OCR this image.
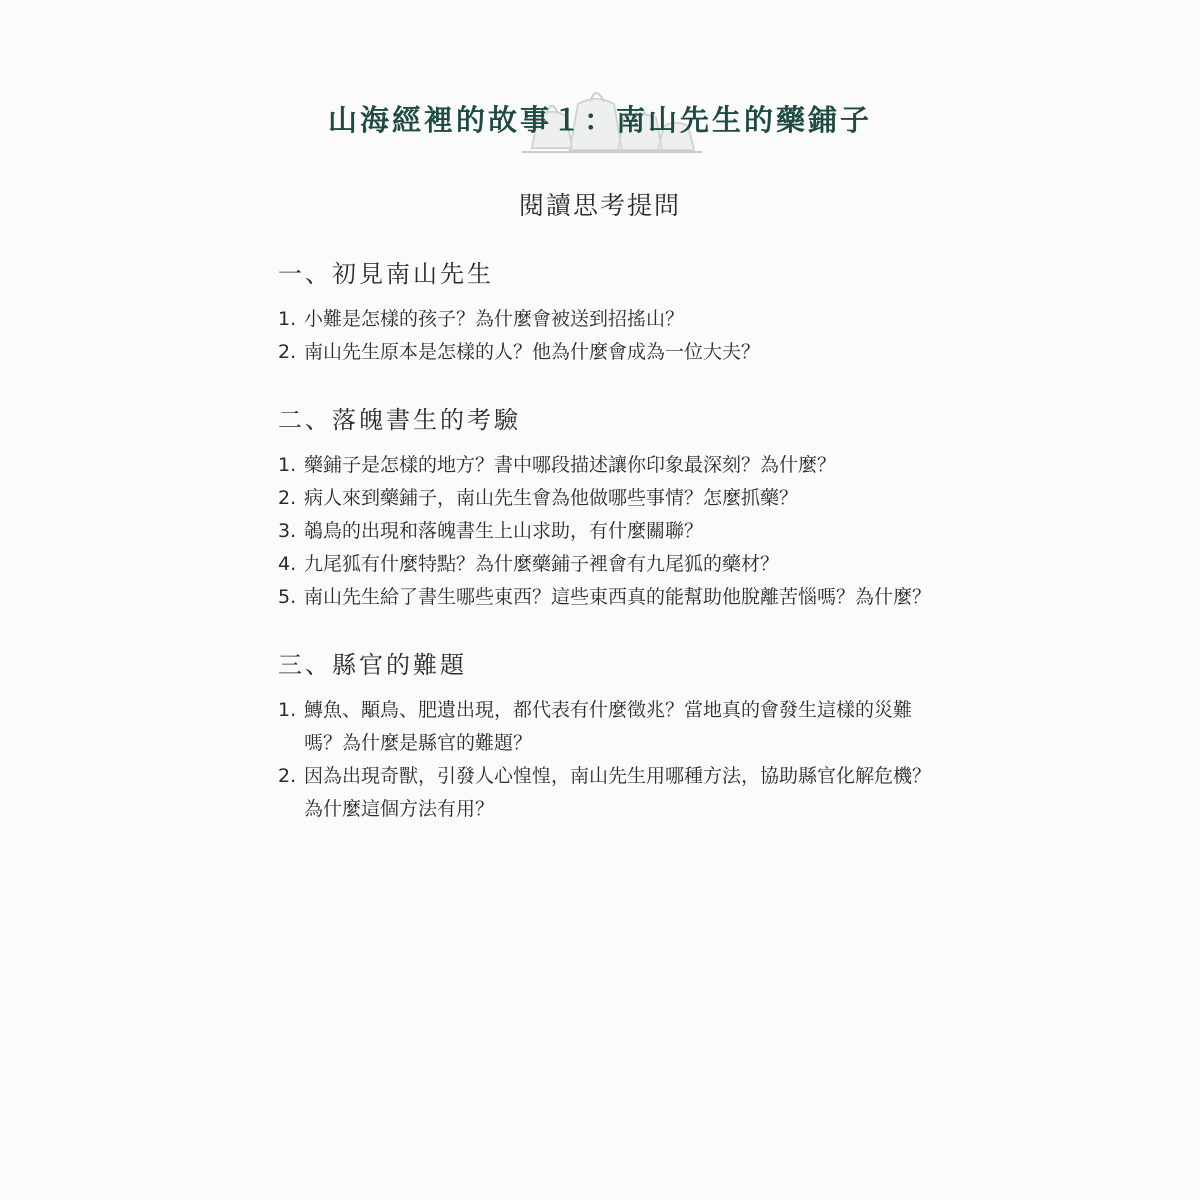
山海經裡的故事１：南山先生的藥鋪子
閱讀思考提問
一、初見南山先生
1. 小難是怎樣的孩子？為什麼會被送到招搖山？
2. 南山先生原本是怎樣的人？他為什麼會成為一位大夫？
二、落魄書生的考驗
1. 藥鋪子是怎樣的地方？書中哪段描述讓你印象最深刻？為什麼？
2. 病人來到藥鋪子，南山先生會為他做哪些事情？怎麼抓藥？
3. 鵸鳥的出現和落魄書生上山求助，有什麼關聯？
4. 九尾狐有什麼特點？為什麼藥鋪子裡會有九尾狐的藥材？
5. 南山先生給了書生哪些東西？這些東西真的能幫助他脫離苦惱嗎？為什麼？
三、縣官的難題
1. 鱄魚、顒鳥、肥遺出現，都代表有什麼徵兆？當地真的會發生這樣的災難嗎？為什麼是縣官的難題？
2. 因為出現奇獸，引發人心惶惶，南山先生用哪種方法，協助縣官化解危機？為什麼這個方法有用？
